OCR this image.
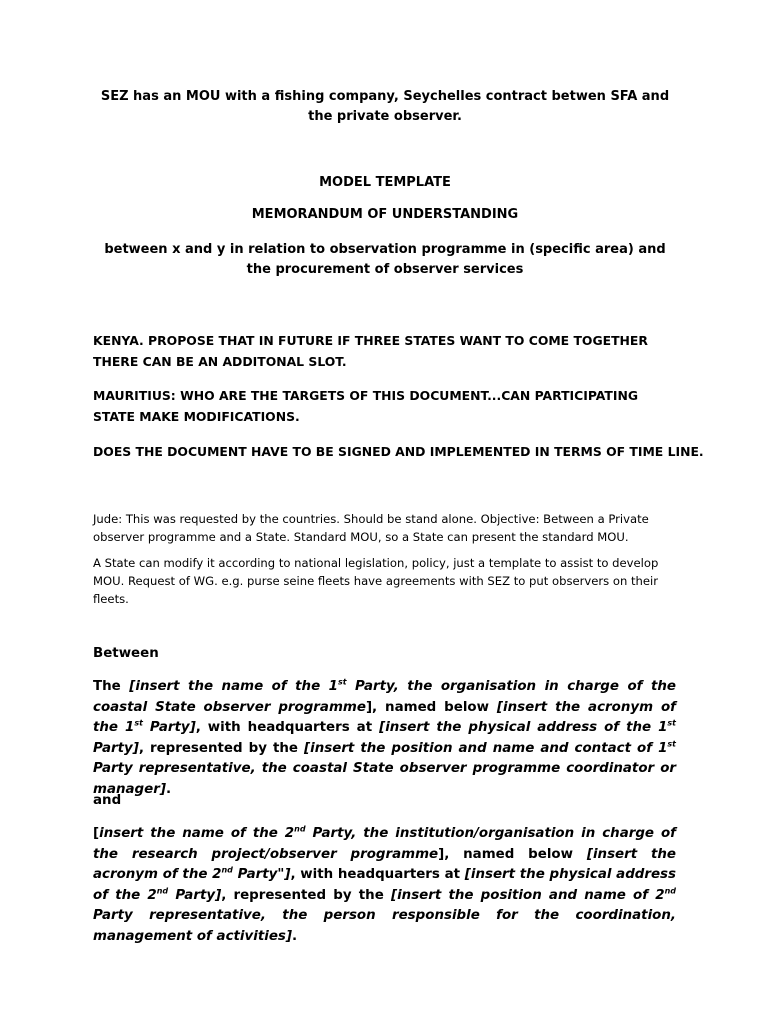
SEZ has an MOU with a fishing company, Seychelles contract betwen SFA and the private observer.

MODEL TEMPLATE

MEMORANDUM OF UNDERSTANDING

between x and y in relation to observation programme in (specific area) and the procurement of observer services

KENYA. PROPOSE THAT IN FUTURE IF THREE STATES WANT TO COME TOGETHER THERE CAN BE AN ADDITONAL SLOT.

MAURITIUS: WHO ARE THE TARGETS OF THIS DOCUMENT...CAN PARTICIPATING STATE MAKE MODIFICATIONS.

DOES THE DOCUMENT HAVE TO BE SIGNED AND IMPLEMENTED IN TERMS OF TIME LINE.

Jude: This was requested by the countries. Should be stand alone. Objective: Between a Private observer programme and a State. Standard MOU, so a State can present the standard MOU.

A State can modify it according to national legislation, policy, just a template to assist to develop MOU. Request of WG. e.g. purse seine fleets have agreements with SEZ to put observers on their fleets.

Between

The [insert the name of the 1st Party, the organisation in charge of the coastal State observer programme], named below [insert the acronym of the 1st Party], with headquarters at [insert the physical address of the 1st Party], represented by the [insert the position and name and contact of 1st Party representative, the coastal State observer programme coordinator or manager].

and

[insert the name of the 2nd Party, the institution/organisation in charge of the research project/observer programme], named below [insert the acronym of the 2nd Party"], with headquarters at [insert the physical address of the 2nd Party], represented by the [insert the position and name of 2nd Party representative, the person responsible for the coordination, management of activities].
